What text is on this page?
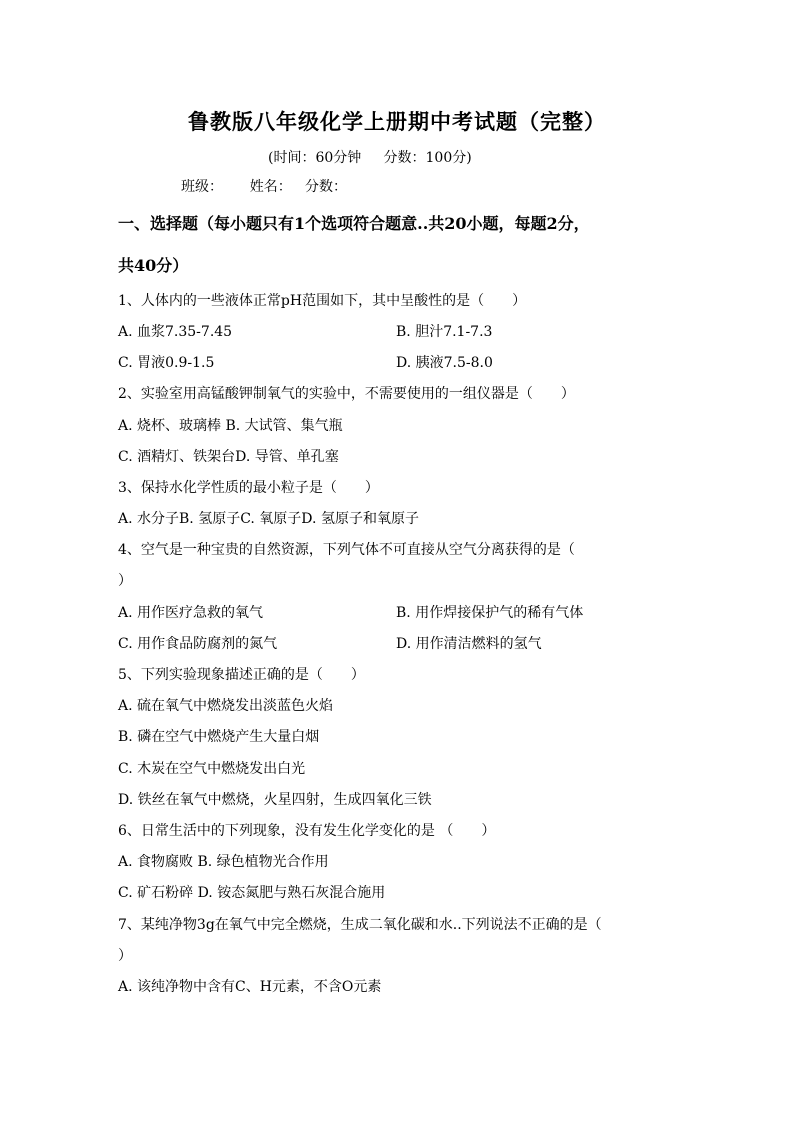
鲁教版八年级化学上册期中考试题（完整）
(时间：60分钟     分数：100分)
班级：      姓名：   分数：
一、选择题（每小题只有1个选项符合题意..共20小题，每题2分，
共40分）
1、人体内的一些液体正常pH范围如下，其中呈酸性的是（　　）
A. 血浆7.35-7.45	B. 胆汁7.1-7.3
C. 胃液0.9-1.5	D. 胰液7.5-8.0
2、实验室用高锰酸钾制氧气的实验中，不需要使用的一组仪器是（　　）
A. 烧杯、玻璃棒 B. 大试管、集气瓶
C. 酒精灯、铁架台D. 导管、单孔塞
3、保持水化学性质的最小粒子是（　　）
A. 水分子B. 氢原子C. 氧原子D. 氢原子和氧原子
4、空气是一种宝贵的自然资源，下列气体不可直接从空气分离获得的是（
）
A. 用作医疗急救的氧气	B. 用作焊接保护气的稀有气体
C. 用作食品防腐剂的氮气	D. 用作清洁燃料的氢气
5、下列实验现象描述正确的是（　　）
A. 硫在氧气中燃烧发出淡蓝色火焰
B. 磷在空气中燃烧产生大量白烟
C. 木炭在空气中燃烧发出白光
D. 铁丝在氧气中燃烧，火星四射，生成四氧化三铁
6、日常生活中的下列现象，没有发生化学变化的是 （　　）
A. 食物腐败 B. 绿色植物光合作用
C. 矿石粉碎 D. 铵态氮肥与熟石灰混合施用
7、某纯净物3g在氧气中完全燃烧，生成二氧化碳和水..下列说法不正确的是（
）
A. 该纯净物中含有C、H元素，不含O元素
